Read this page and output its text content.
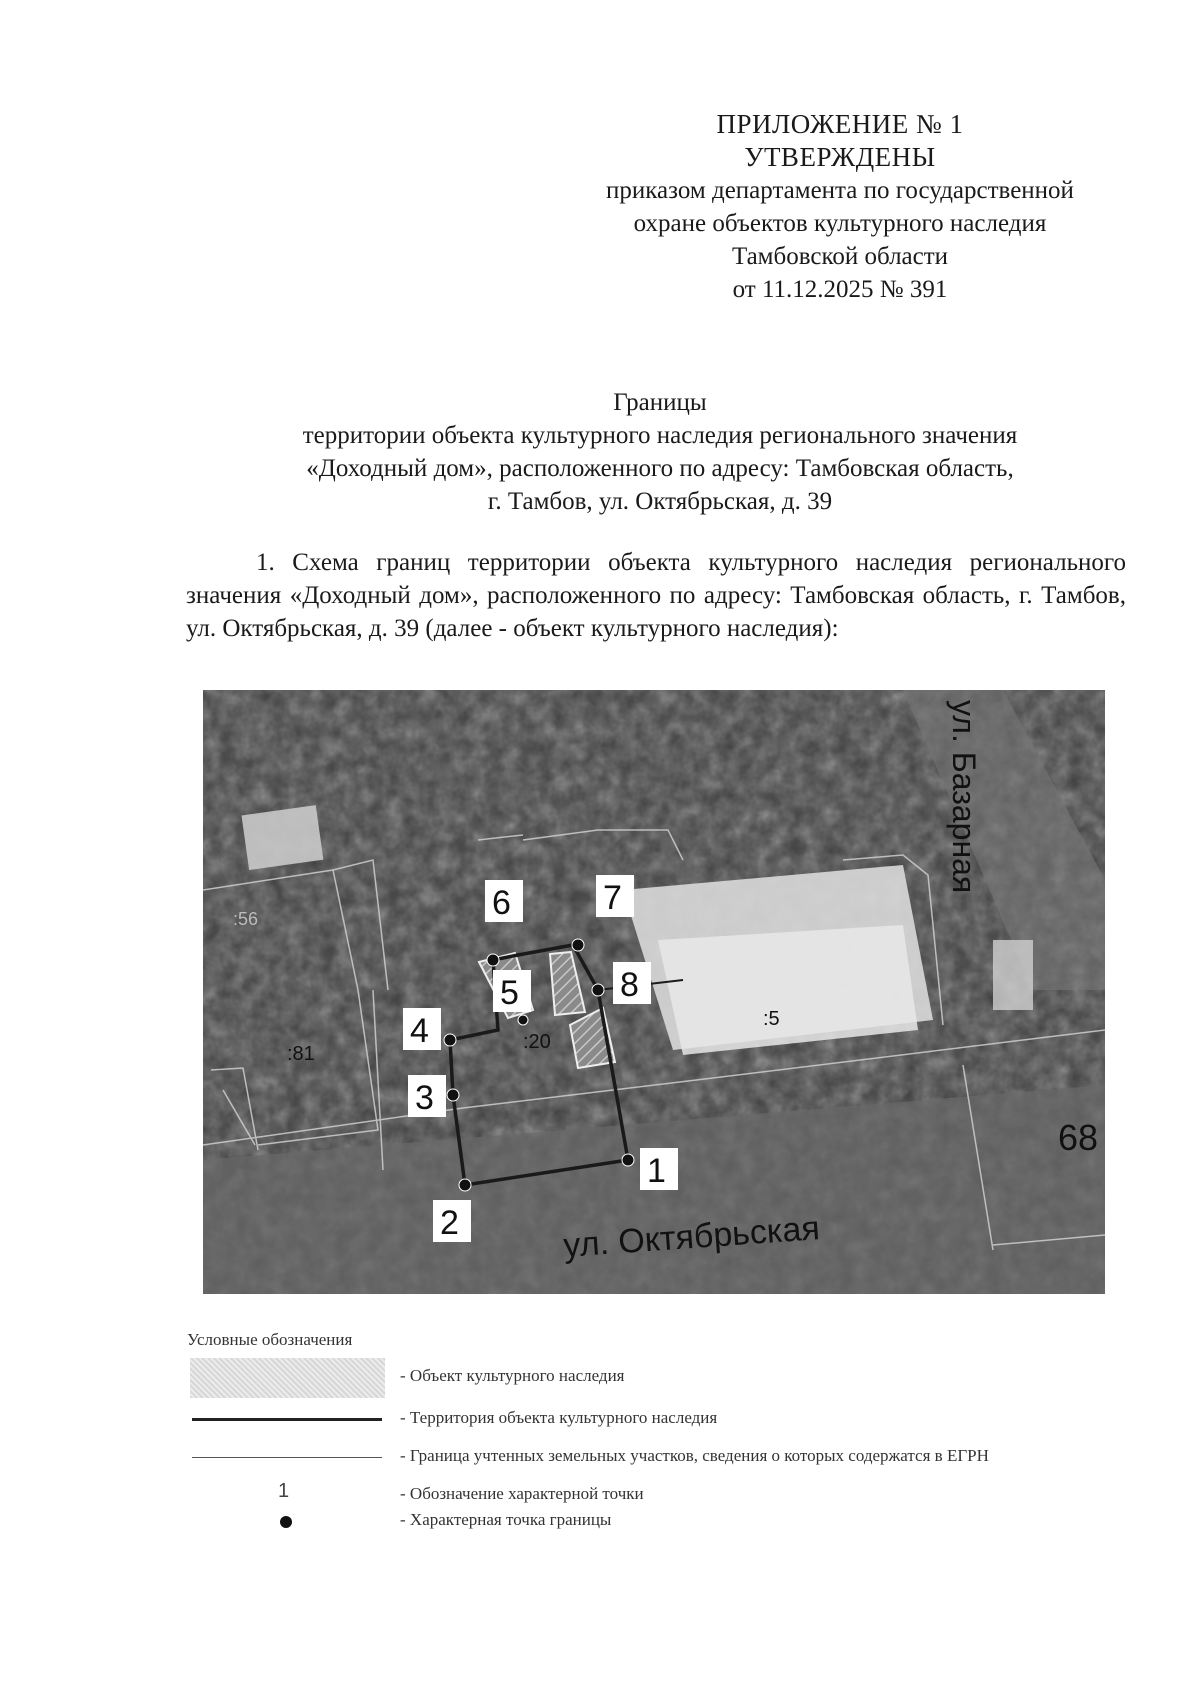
ПРИЛОЖЕНИЕ № 1
УТВЕРЖДЕНЫ
приказом департамента по государственной
охране объектов культурного наследия
Тамбовской области
от 11.12.2025 № 391
Границы
территории объекта культурного наследия регионального значения
«Доходный дом», расположенного по адресу: Тамбовская область,
г. Тамбов, ул. Октябрьская, д. 39
1. Схема границ территории объекта культурного наследия регионального значения «Доходный дом», расположенного по адресу: Тамбовская область, г. Тамбов, ул. Октябрьская, д. 39 (далее - объект культурного наследия):
1
2
3
4
5
6	7
8
:81
:20
:5
:56
68
ул. Октябрьская
ул. Базарная
Условные обозначения
- Объект культурного наследия
- Территория объекта культурного наследия
- Граница учтенных земельных участков, сведения о которых содержатся в ЕГРН
1	- Обозначение характерной точки
- Характерная точка границы
